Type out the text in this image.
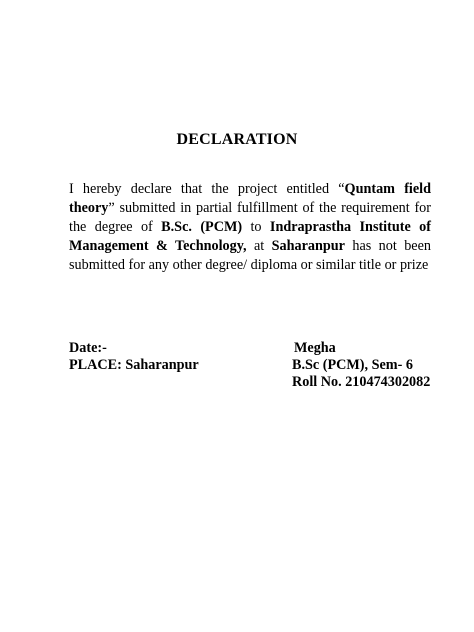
DECLARATION
I hereby declare that the project entitled “Quntam field theory” submitted in partial fulfillment of the requirement for the degree of B.Sc. (PCM) to Indraprastha Institute of Management & Technology, at Saharanpur has not been submitted for any other degree/ diploma or similar title or prize
Date:-
PLACE: Saharanpur
Megha
B.Sc (PCM), Sem- 6
Roll No. 210474302082
